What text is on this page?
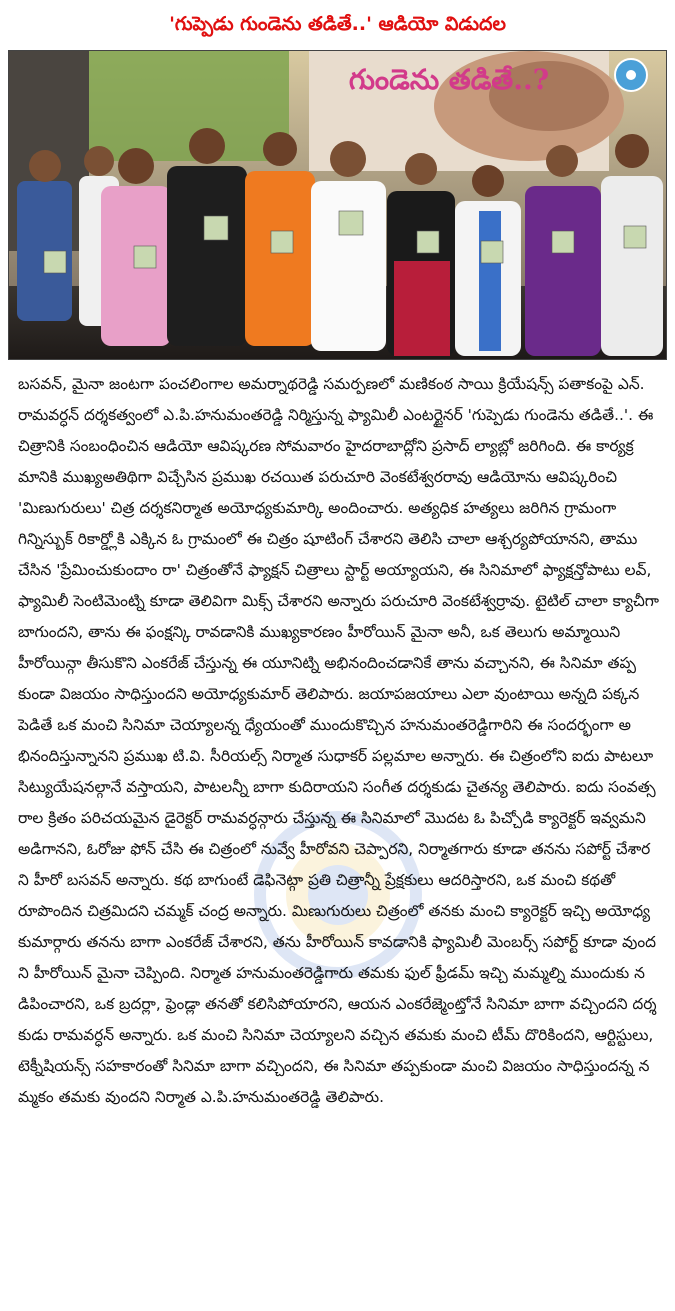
'గుప్పెడు గుండెను తడితే..' ఆడియో విడుదల
గుండెను తడితే..?

బసవన్, మైనా జంటగా పంచలింగాల అమర్నాథరెడ్డి సమర్పణలో మణికంఠ సాయి క్రియేషన్స్ పతాకంపై ఎన్.రామవర్ధన్ దర్శకత్వంలో ఎ.పి.హనుమంతరెడ్డి నిర్మిస్తున్న ఫ్యామిలీ ఎంటర్టైనర్ 'గుప్పెడు గుండెను తడితే..'. ఈ చిత్రానికి సంబంధించిన ఆడియో ఆవిష్కరణ సోమవారం హైదరాబాద్లోని ప్రసాద్ ల్యాబ్లో జరిగింది. ఈ కార్యక్రమానికి ముఖ్యఅతిథిగా విచ్చేసిన ప్రముఖ రచయిత పరుచూరి వెంకటేశ్వరరావు ఆడియోను ఆవిష్కరించి 'మిణుగురులు' చిత్ర దర్శకనిర్మాత అయోధ్యకుమార్కి అందించారు. అత్యధిక హత్యలు జరిగిన గ్రామంగా గిన్నిస్బుక్ రికార్డ్లోకి ఎక్కిన ఓ గ్రామంలో ఈ చిత్రం షూటింగ్ చేశారని తెలిసి చాలా ఆశ్చర్యపోయానని, తాము చేసిన 'ప్రేమించుకుందాం రా' చిత్రంతోనే ఫ్యాక్షన్ చిత్రాలు స్టార్ట్ అయ్యాయని, ఈ సినిమాలో ఫ్యాక్షన్తోపాటు లవ్, ఫ్యామిలీ సెంటిమెంట్ని కూడా తెలివిగా మిక్స్ చేశారని అన్నారు పరుచూరి వెంకటేశ్వర్రావు. టైటిల్ చాలా క్యాచీగా బాగుందని, తాను ఈ ఫంక్షన్కి రావడానికి ముఖ్యకారణం హీరోయిన్ మైనా అనీ, ఒక తెలుగు అమ్మాయిని హీరోయిన్గా తీసుకొని ఎంకరేజ్ చేస్తున్న ఈ యూనిట్ని అభినందించడానికే తాను వచ్చానని, ఈ సినిమా తప్పకుండా విజయం సాధిస్తుందని అయోధ్యకుమార్ తెలిపారు. జయాపజయాలు ఎలా వుంటాయి అన్నది పక్కన పెడితే ఒక మంచి సినిమా చెయ్యాలన్న ధ్యేయంతో ముందుకొచ్చిన హనుమంతరెడ్డిగారిని ఈ సందర్భంగా అభినందిస్తున్నానని ప్రముఖ టి.వి. సీరియల్స్ నిర్మాత సుధాకర్ పల్లమాల అన్నారు. ఈ చిత్రంలోని ఐదు పాటలూ సిట్యుయేషనల్గానే వస్తాయని, పాటలన్నీ బాగా కుదిరాయని సంగీత దర్శకుడు చైతన్య తెలిపారు. ఐదు సంవత్సరాల క్రితం పరిచయమైన డైరెక్టర్ రామవర్ధన్గారు చేస్తున్న ఈ సినిమాలో మొదట ఓ పిచ్చోడి క్యారెక్టర్ ఇవ్వమని అడిగానని, ఓరోజు ఫోన్ చేసి ఈ చిత్రంలో నువ్వే హీరోవని చెప్పారని, నిర్మాతగారు కూడా తనను సపోర్ట్ చేశారని హీరో బసవన్ అన్నారు. కథ బాగుంటే డెఫినెట్గా ప్రతి చిత్రాన్నీ ప్రేక్షకులు ఆదరిస్తారని, ఒక మంచి కథతో రూపొందిన చిత్రమిదని చమ్మక్ చంద్ర అన్నారు. మిణుగురులు చిత్రంలో తనకు మంచి క్యారెక్టర్ ఇచ్చి అయోధ్యకుమార్గారు తనను బాగా ఎంకరేజ్ చేశారని, తను హీరోయిన్ కావడానికి ఫ్యామిలీ మెంబర్స్ సపోర్ట్ కూడా వుందని హీరోయిన్ మైనా చెప్పింది. నిర్మాత హనుమంతరెడ్డిగారు తమకు ఫుల్ ఫ్రీడమ్ ఇచ్చి మమ్మల్ని ముందుకు నడిపించారని, ఒక బ్రదర్లా, ఫ్రెండ్లా తనతో కలిసిపోయారని, ఆయన ఎంకరేజ్మెంట్తోనే సినిమా బాగా వచ్చిందని దర్శకుడు రామవర్ధన్ అన్నారు. ఒక మంచి సినిమా చెయ్యాలని వచ్చిన తమకు మంచి టీమ్ దొరికిందని, ఆర్టిస్టులు, టెక్నీషియన్స్ సహకారంతో సినిమా బాగా వచ్చిందని, ఈ సినిమా తప్పకుండా మంచి విజయం సాధిస్తుందన్న నమ్మకం తమకు వుందని నిర్మాత ఎ.పి.హనుమంతరెడ్డి తెలిపారు.
